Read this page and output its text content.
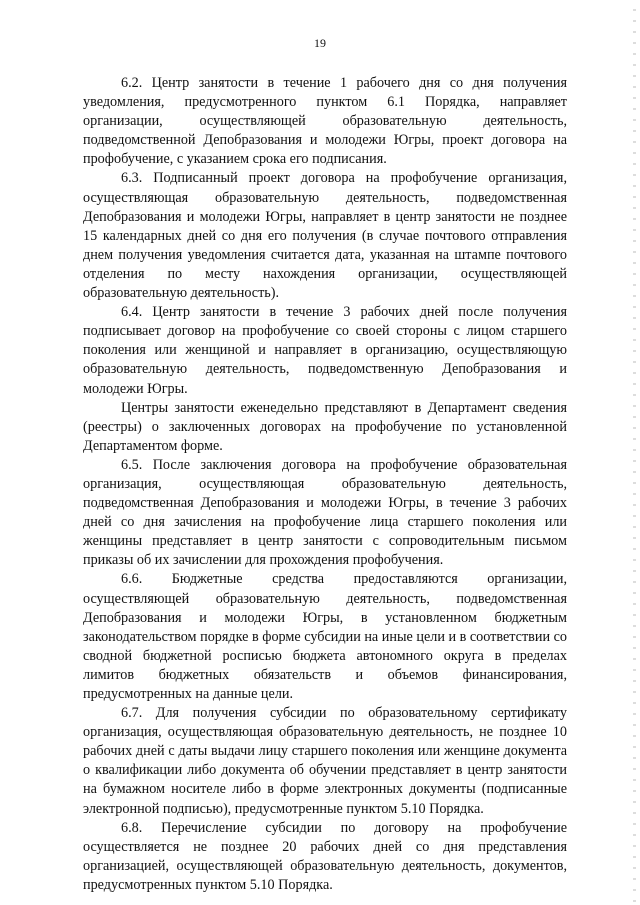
19

6.2. Центр занятости в течение 1 рабочего дня со дня получения уведомления, предусмотренного пунктом 6.1 Порядка, направляет организации, осуществляющей образовательную деятельность, подведомственной Депобразования и молодежи Югры, проект договора на профобучение, с указанием срока его подписания.

6.3. Подписанный проект договора на профобучение организация, осуществляющая образовательную деятельность, подведомственная Депобразования и молодежи Югры, направляет в центр занятости не позднее 15 календарных дней со дня его получения (в случае почтового отправления днем получения уведомления считается дата, указанная на штампе почтового отделения по месту нахождения организации, осуществляющей образовательную деятельность).

6.4. Центр занятости в течение 3 рабочих дней после получения подписывает договор на профобучение со своей стороны с лицом старшего поколения или женщиной и направляет в организацию, осуществляющую образовательную деятельность, подведомственную Депобразования и молодежи Югры.

Центры занятости еженедельно представляют в Департамент сведения (реестры) о заключенных договорах на профобучение по установленной Департаментом форме.

6.5. После заключения договора на профобучение образовательная организация, осуществляющая образовательную деятельность, подведомственная Депобразования и молодежи Югры, в течение 3 рабочих дней со дня зачисления на профобучение лица старшего поколения или женщины представляет в центр занятости с сопроводительным письмом приказы об их зачислении для прохождения профобучения.

6.6. Бюджетные средства предоставляются организации, осуществляющей образовательную деятельность, подведомственная Депобразования и молодежи Югры, в установленном бюджетным законодательством порядке в форме субсидии на иные цели и в соответствии со сводной бюджетной росписью бюджета автономного округа в пределах лимитов бюджетных обязательств и объемов финансирования, предусмотренных на данные цели.

6.7. Для получения субсидии по образовательному сертификату организация, осуществляющая образовательную деятельность, не позднее 10 рабочих дней с даты выдачи лицу старшего поколения или женщине документа о квалификации либо документа об обучении представляет в центр занятости на бумажном носителе либо в форме электронных документы (подписанные электронной подписью), предусмотренные пунктом 5.10 Порядка.

6.8. Перечисление субсидии по договору на профобучение осуществляется не позднее 20 рабочих дней со дня представления организацией, осуществляющей образовательную деятельность, документов, предусмотренных пунктом 5.10 Порядка.
